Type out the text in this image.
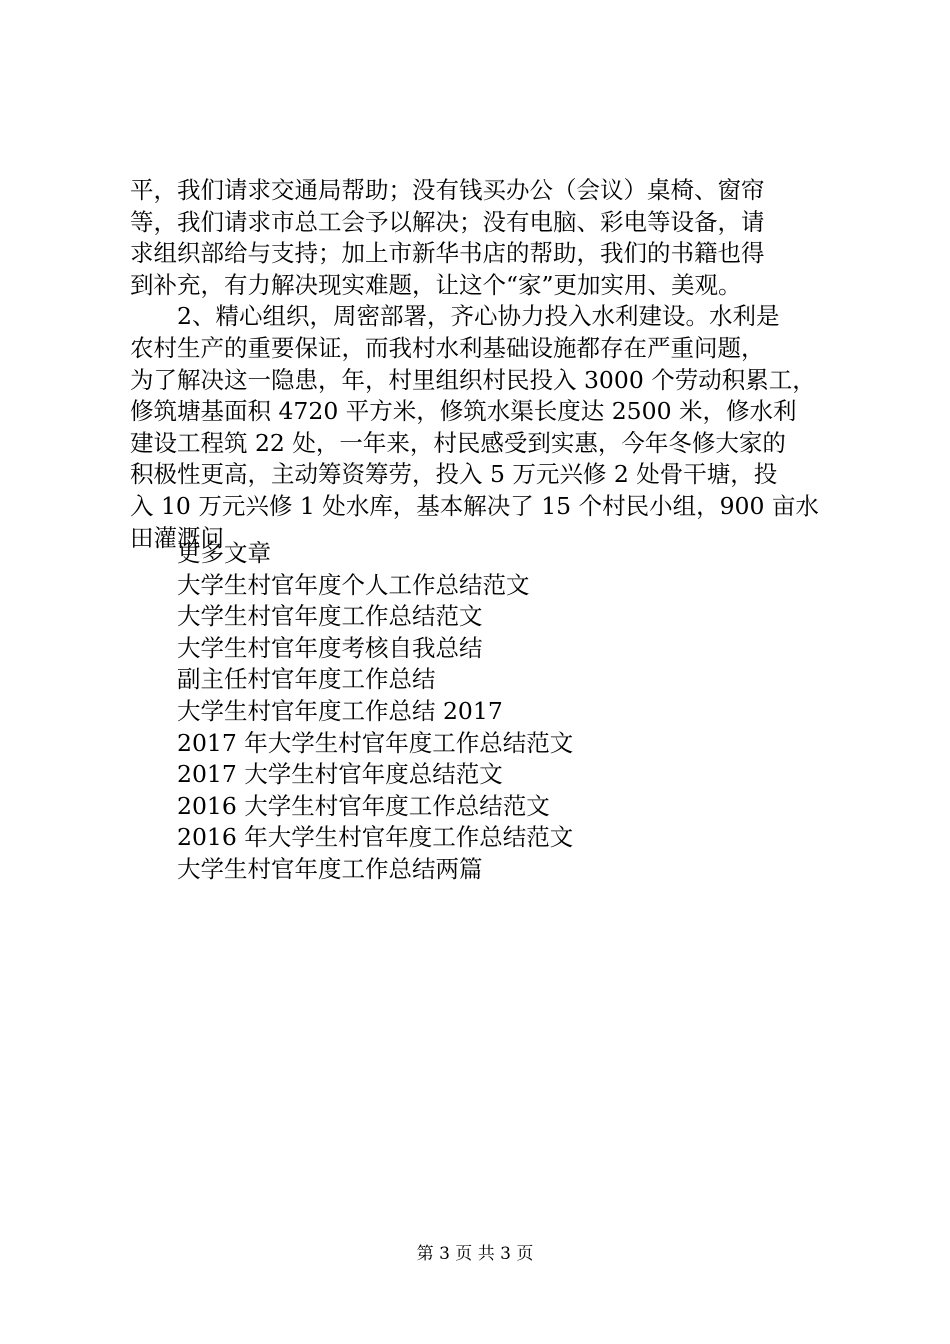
平，我们请求交通局帮助；没有钱买办公（会议）桌椅、窗帘
等，我们请求市总工会予以解决；没有电脑、彩电等设备，请
求组织部给与支持；加上市新华书店的帮助，我们的书籍也得
到补充，有力解决现实难题，让这个“家”更加实用、美观。
2、精心组织，周密部署，齐心协力投入水利建设。水利是
农村生产的重要保证，而我村水利基础设施都存在严重问题，
为了解决这一隐患，年，村里组织村民投入 3000 个劳动积累工，
修筑塘基面积 4720 平方米，修筑水渠长度达 2500 米，修水利
建设工程筑 22 处，一年来，村民感受到实惠，今年冬修大家的
积极性更高，主动筹资筹劳，投入 5 万元兴修 2 处骨干塘，投
入 10 万元兴修 1 处水库，基本解决了 15 个村民小组，900 亩水
田灌溉问
更多文章
大学生村官年度个人工作总结范文
大学生村官年度工作总结范文
大学生村官年度考核自我总结
副主任村官年度工作总结
大学生村官年度工作总结 2017
2017 年大学生村官年度工作总结范文
2017 大学生村官年度总结范文
2016 大学生村官年度工作总结范文
2016 年大学生村官年度工作总结范文
大学生村官年度工作总结两篇
第 3 页 共 3 页
